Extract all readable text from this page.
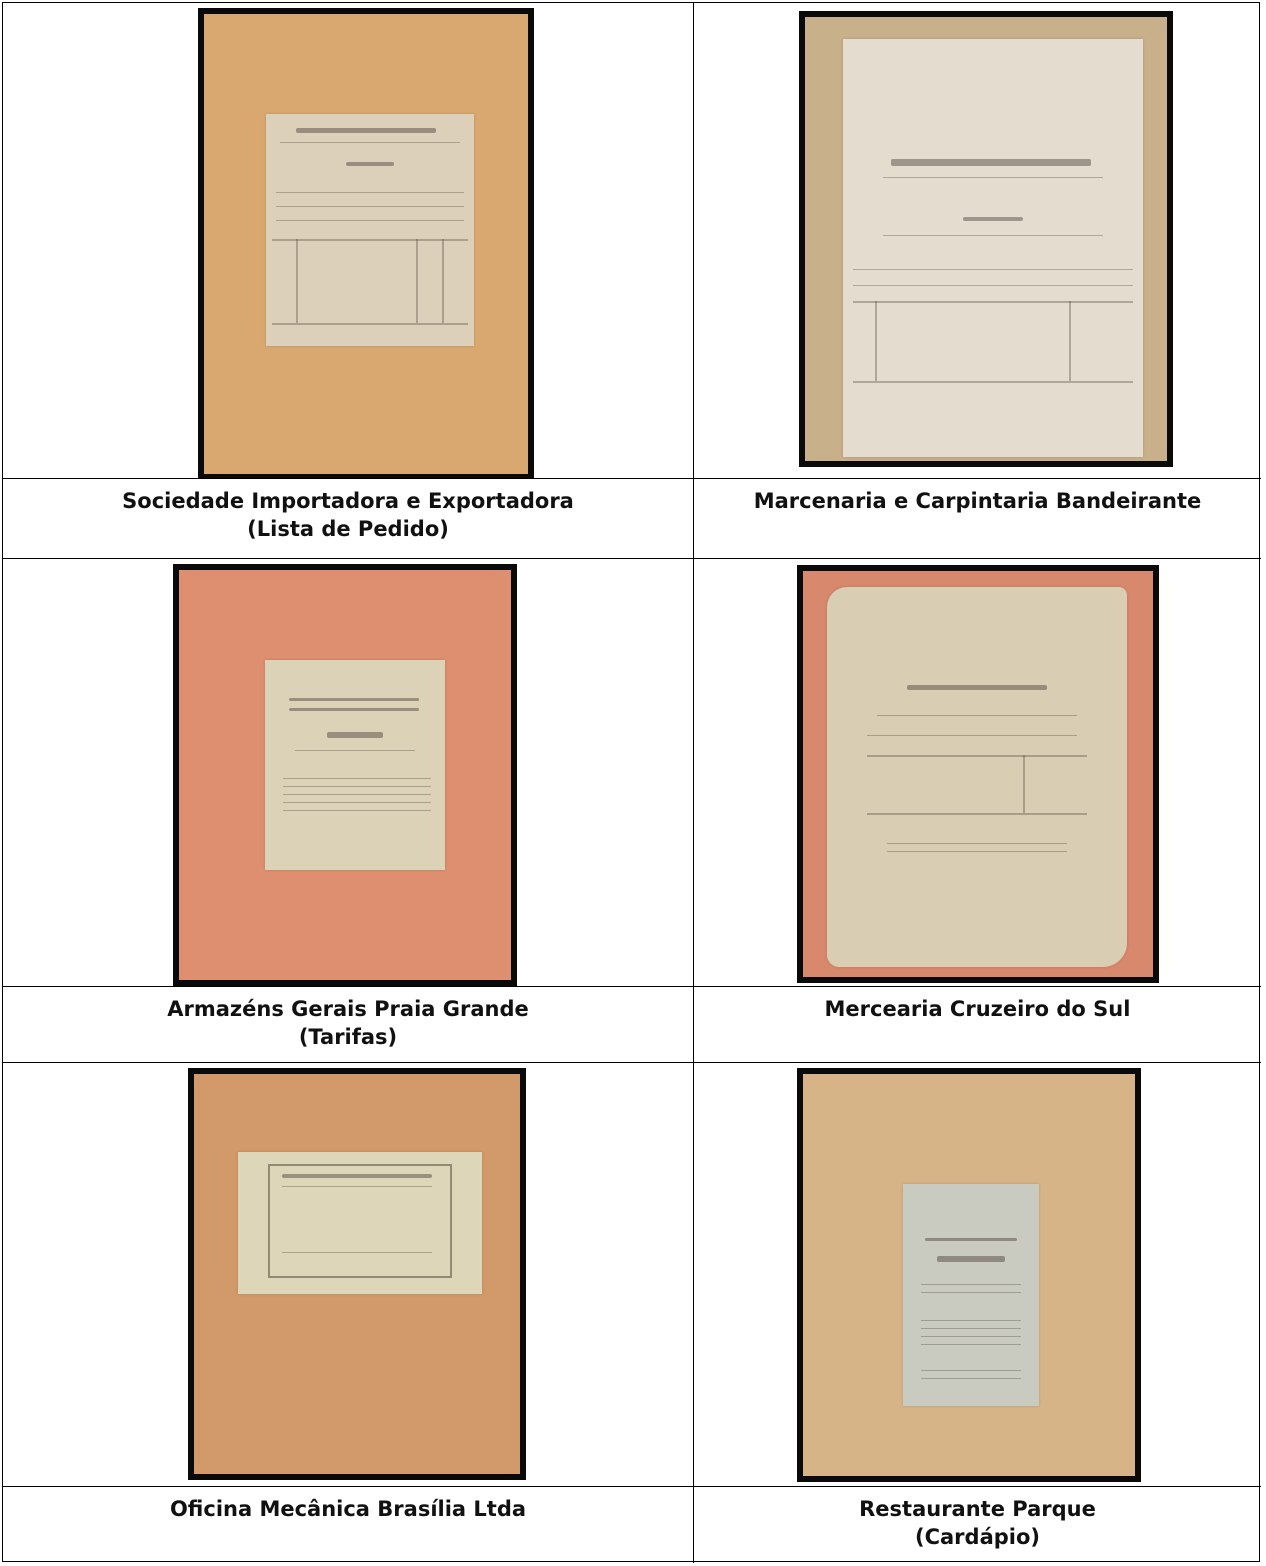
Sociedade Importadora e Exportadora
(Lista de Pedido)
Marcenaria e Carpintaria Bandeirante
Armazéns Gerais Praia Grande
(Tarifas)
Mercearia Cruzeiro do Sul
Oficina Mecânica Brasília Ltda	Restaurante Parque
(Cardápio)
